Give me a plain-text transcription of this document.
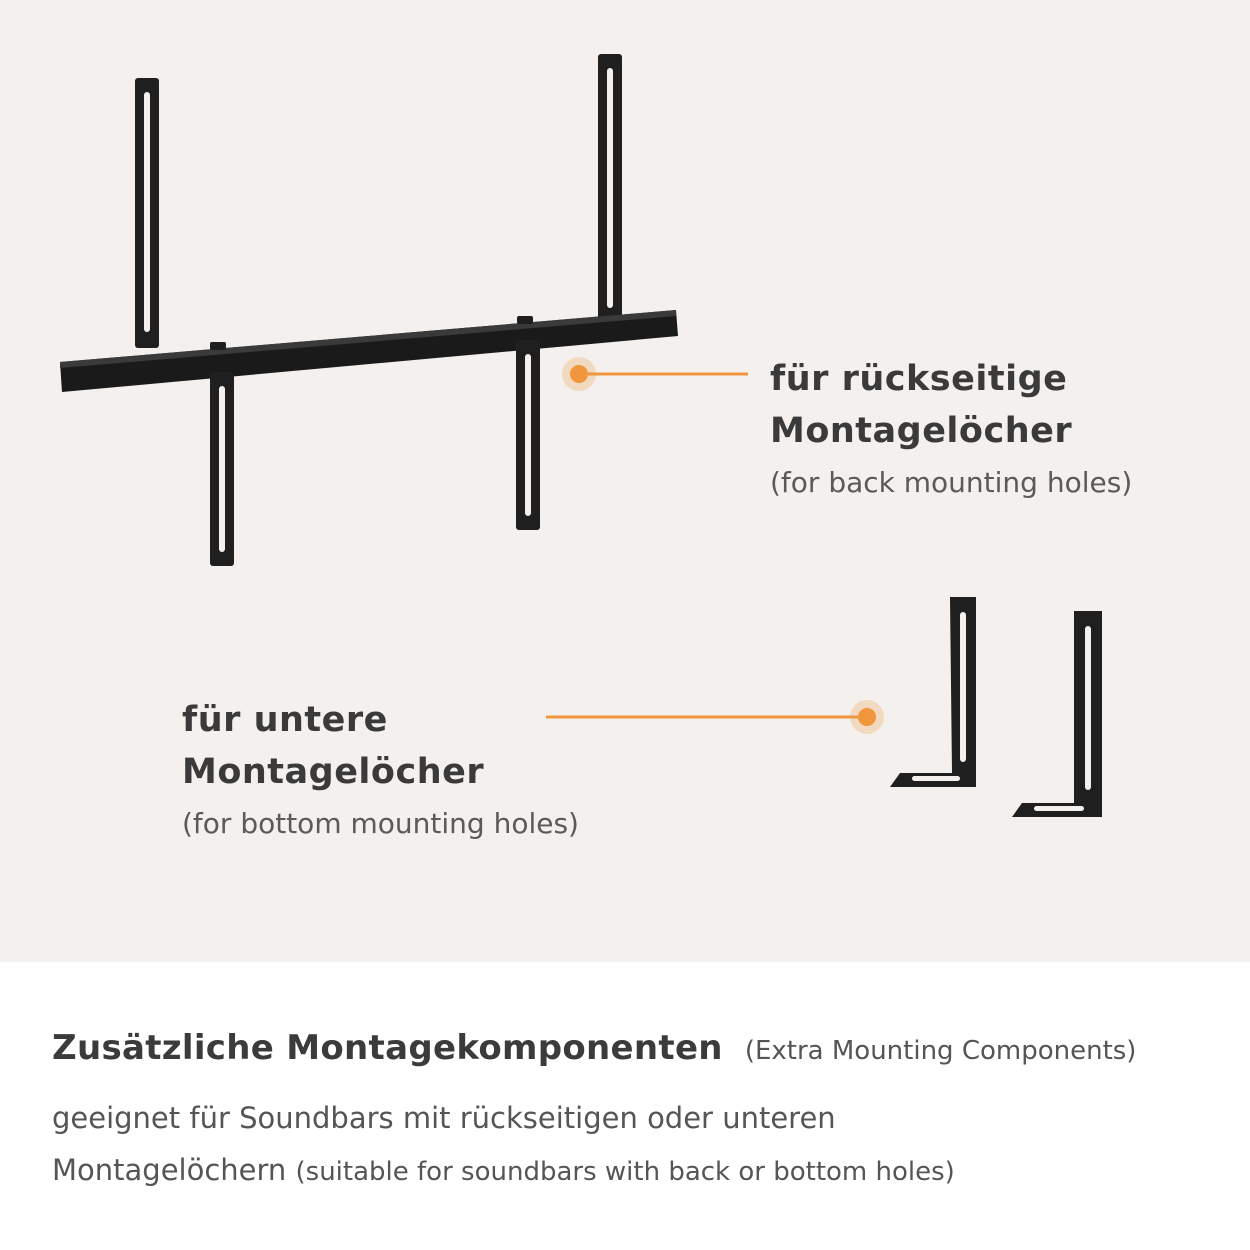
für rückseitige
Montagelöcher
(for back mounting holes)
für untere
Montagelöcher
(for bottom mounting holes)
Zusätzliche Montagekomponenten (Extra Mounting Components)
geeignet für Soundbars mit rückseitigen oder unteren
Montagelöchern (suitable for soundbars with back or bottom holes)
